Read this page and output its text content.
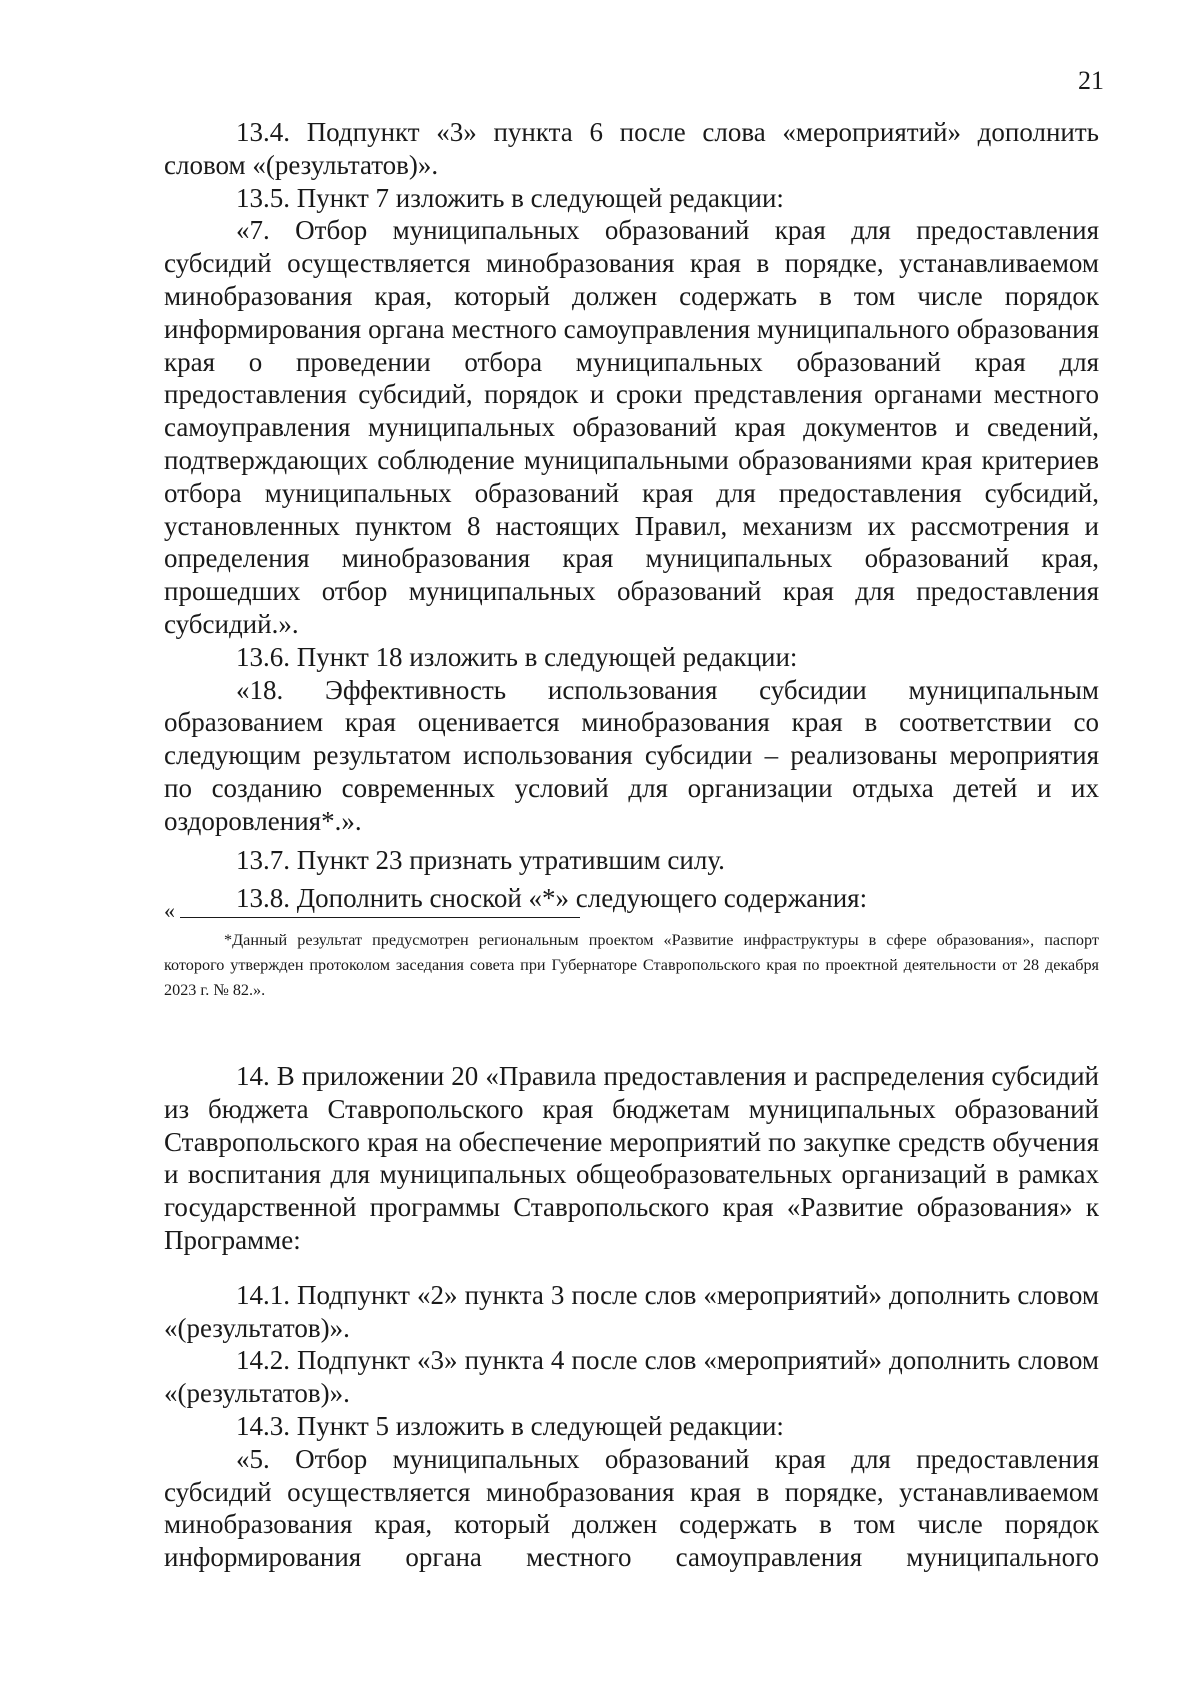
21

13.4. Подпункт «3» пункта 6 после слова «мероприятий» дополнить словом «(результатов)».

13.5. Пункт 7 изложить в следующей редакции:

«7. Отбор муниципальных образований края для предоставления субсидий осуществляется минобразования края в порядке, устанавливаемом минобразования края, который должен содержать в том числе порядок информирования органа местного самоуправления муниципального образования края о проведении отбора муниципальных образований края для предоставления субсидий, порядок и сроки представления органами местного самоуправления муниципальных образований края документов и сведений, подтверждающих соблюдение муниципальными образованиями края критериев отбора муниципальных образований края для предоставления субсидий, установленных пунктом 8 настоящих Правил, механизм их рассмотрения и определения минобразования края муниципальных образований края, прошедших отбор муниципальных образований края для предоставления субсидий.».

13.6. Пункт 18 изложить в следующей редакции:

«18. Эффективность использования субсидии муниципальным образованием края оценивается минобразования края в соответствии со следующим результатом использования субсидии – реализованы мероприятия по созданию современных условий для организации отдыха детей и их оздоровления*.».

13.7. Пункт 23 признать утратившим силу.

13.8. Дополнить сноской «*» следующего содержания:

«

*Данный результат предусмотрен региональным проектом «Развитие инфраструктуры в сфере образования», паспорт которого утвержден протоколом заседания совета при Губернаторе Ставропольского края по проектной деятельности от 28 декабря 2023 г. № 82.».

14. В приложении 20 «Правила предоставления и распределения субсидий из бюджета Ставропольского края бюджетам муниципальных образований Ставропольского края на обеспечение мероприятий по закупке средств обучения и воспитания для муниципальных общеобразовательных организаций в рамках государственной программы Ставропольского края «Развитие образования» к Программе:

14.1. Подпункт «2» пункта 3 после слов «мероприятий» дополнить словом «(результатов)».

14.2. Подпункт «3» пункта 4 после слов «мероприятий» дополнить словом «(результатов)».

14.3. Пункт 5 изложить в следующей редакции:

«5. Отбор муниципальных образований края для предоставления субсидий осуществляется минобразования края в порядке, устанавливаемом минобразования края, который должен содержать в том числе порядок информирования органа местного самоуправления муниципального
